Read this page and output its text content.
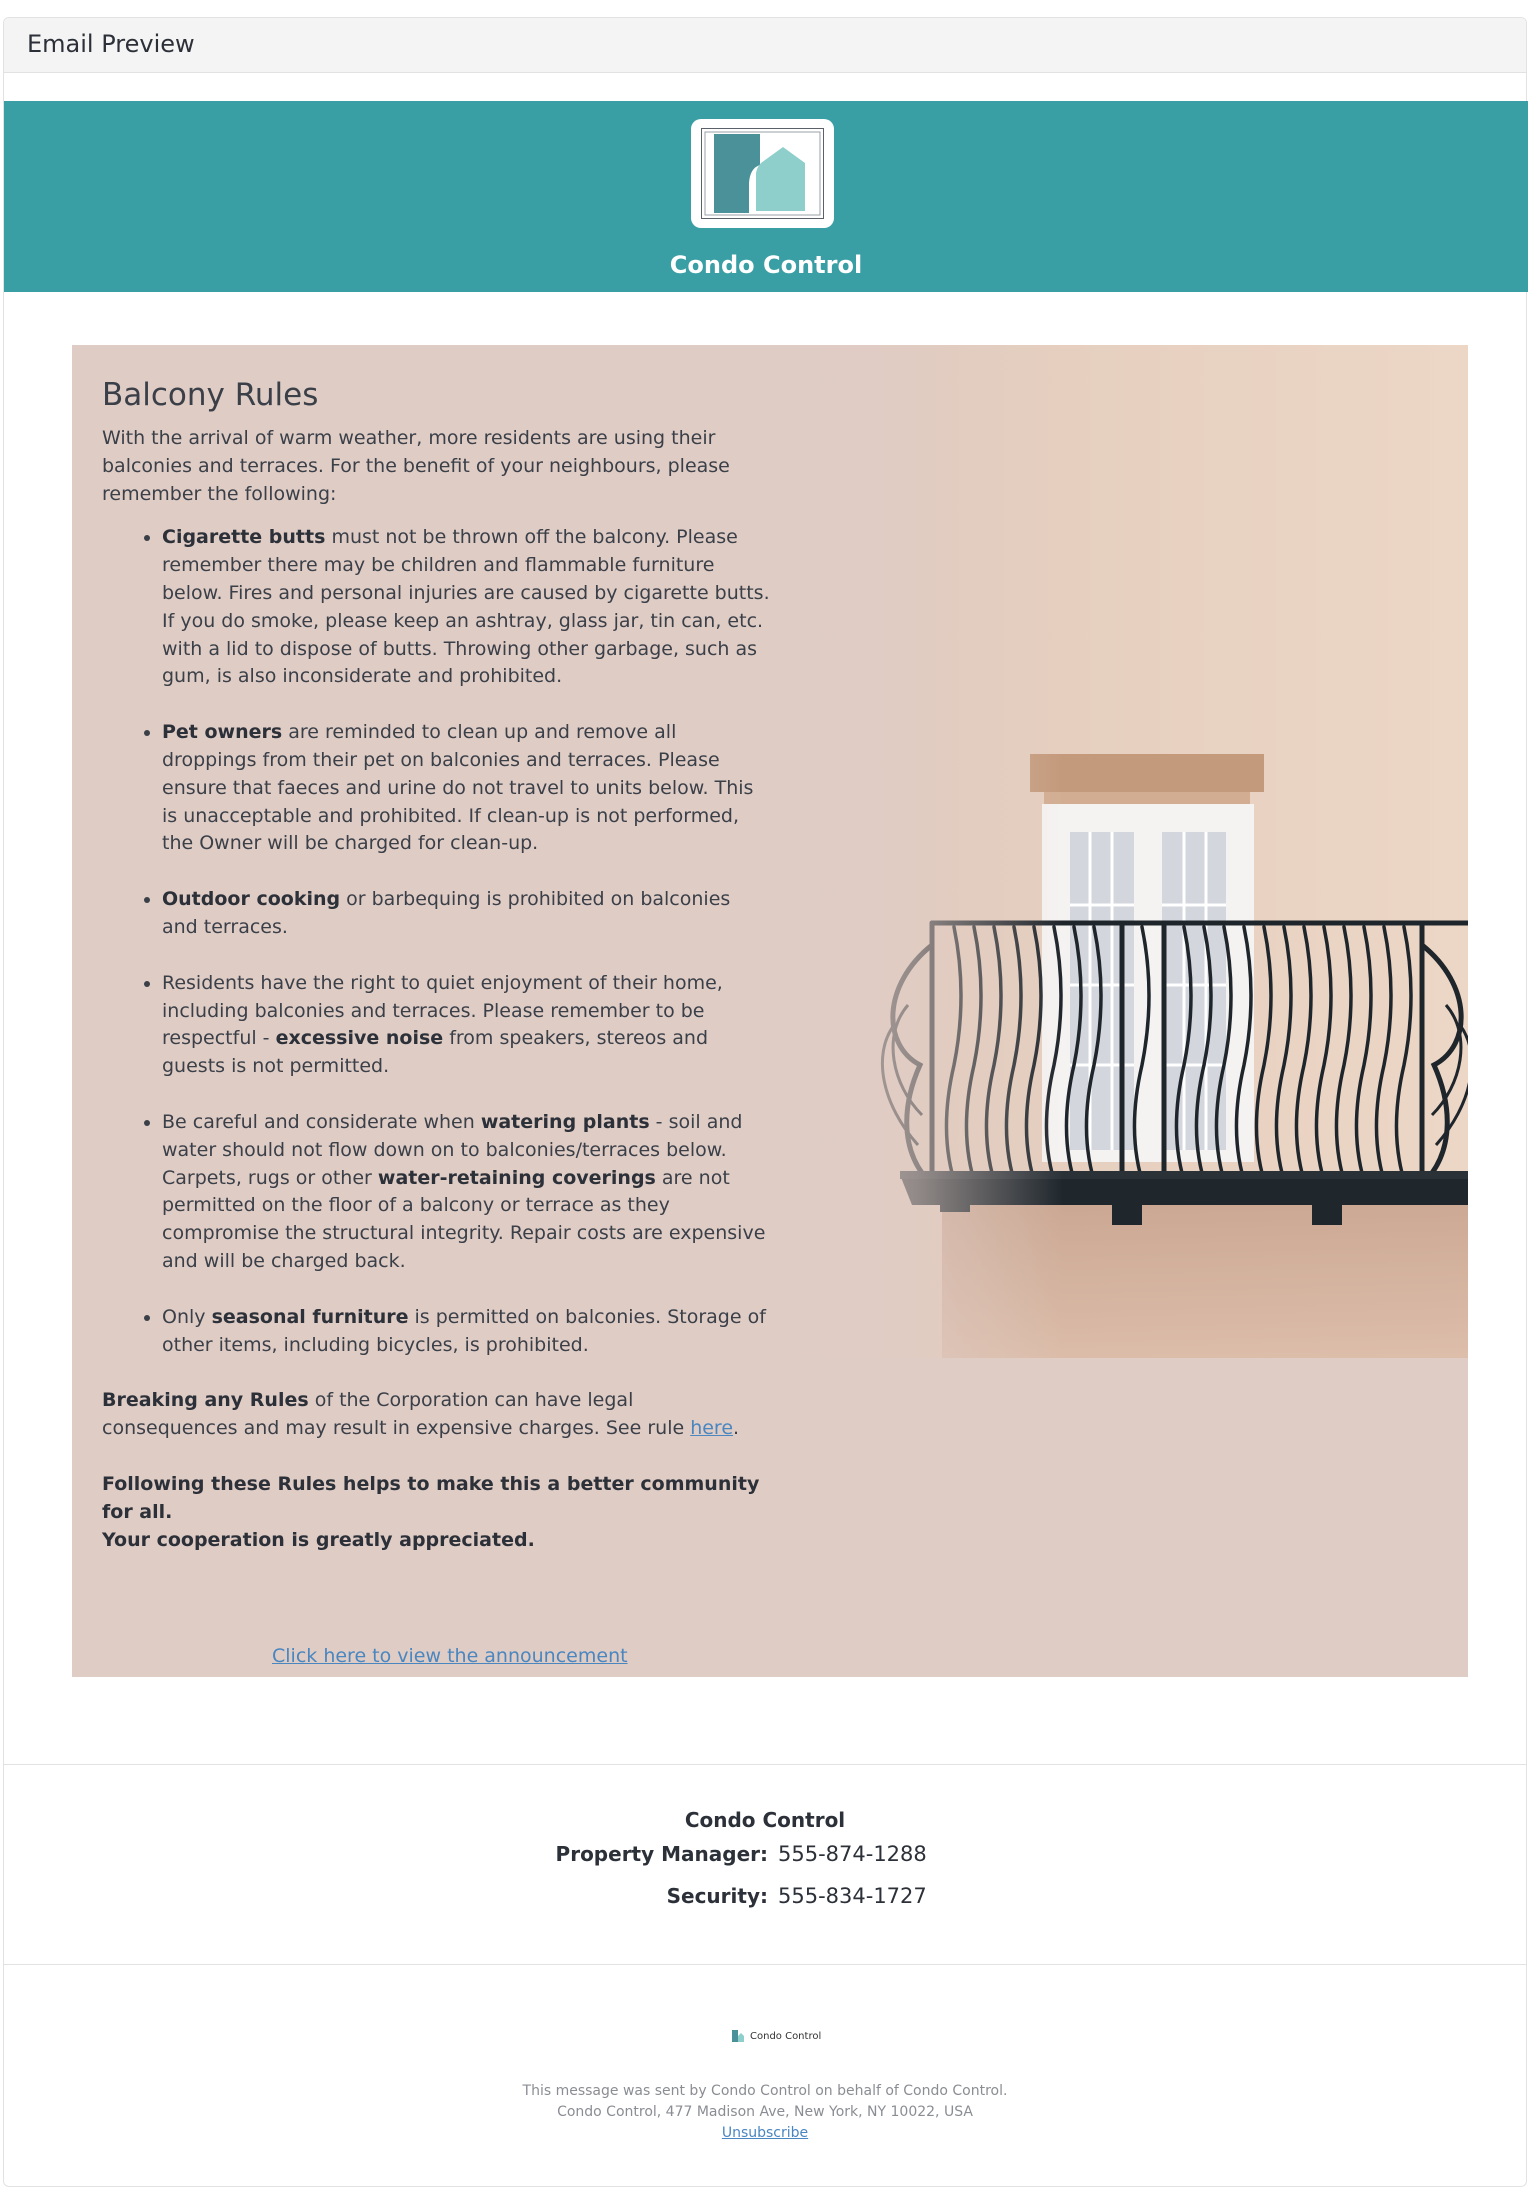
Email Preview
Condo Control
Balcony Rules

With the arrival of warm weather, more residents are using their balconies and terraces. For the benefit of your neighbours, please remember the following:

• Cigarette butts must not be thrown off the balcony. Please remember there may be children and flammable furniture below. Fires and personal injuries are caused by cigarette butts. If you do smoke, please keep an ashtray, glass jar, tin can, etc. with a lid to dispose of butts. Throwing other garbage, such as gum, is also inconsiderate and prohibited.
• Pet owners are reminded to clean up and remove all droppings from their pet on balconies and terraces. Please ensure that faeces and urine do not travel to units below. This is unacceptable and prohibited. If clean-up is not performed, the Owner will be charged for clean-up.
• Outdoor cooking or barbequing is prohibited on balconies and terraces.
• Residents have the right to quiet enjoyment of their home, including balconies and terraces. Please remember to be respectful - excessive noise from speakers, stereos and guests is not permitted.
• Be careful and considerate when watering plants - soil and water should not flow down on to balconies/terraces below.
Carpets, rugs or other water-retaining coverings are not permitted on the floor of a balcony or terrace as they compromise the structural integrity. Repair costs are expensive and will be charged back.
• Only seasonal furniture is permitted on balconies. Storage of other items, including bicycles, is prohibited.

Breaking any Rules of the Corporation can have legal consequences and may result in expensive charges. See rule here.

Following these Rules helps to make this a better community for all.
Your cooperation is greatly appreciated.

Click here to view the announcement
Condo Control
Property Manager: 555-874-1288
Security: 555-834-1727
Condo Control
This message was sent by Condo Control on behalf of Condo Control.
Condo Control, 477 Madison Ave, New York, NY 10022, USA
Unsubscribe
